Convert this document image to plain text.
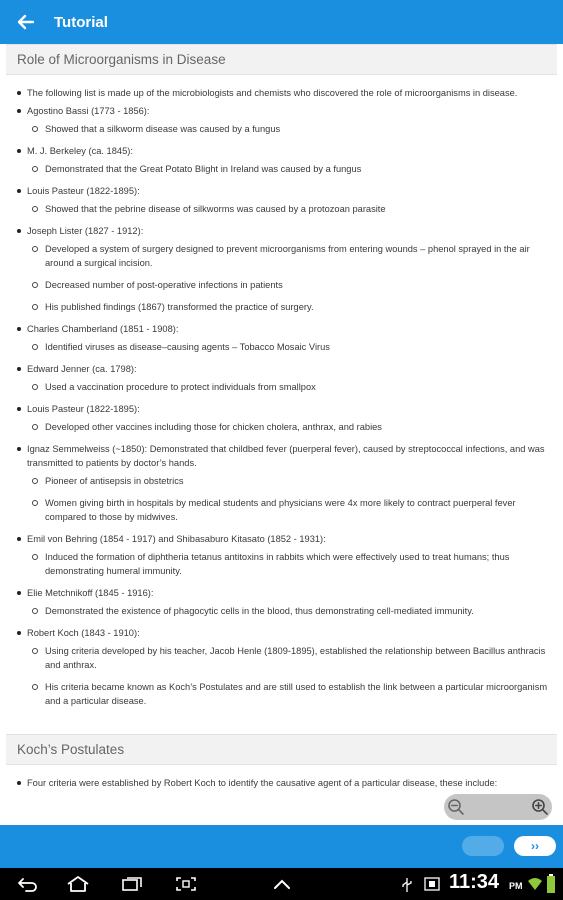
Tutorial
Role of Microorganisms in Disease
The following list is made up of the microbiologists and chemists who discovered the role of microorganisms in disease.
Agostino Bassi (1773 - 1856):
Showed that a silkworm disease was caused by a fungus
M. J. Berkeley (ca. 1845):
Demonstrated that the Great Potato Blight in Ireland was caused by a fungus
Louis Pasteur (1822-1895):
Showed that the pebrine disease of silkworms was caused by a protozoan parasite
Joseph Lister (1827 - 1912):
Developed a system of surgery designed to prevent microorganisms from entering wounds – phenol sprayed in the air around a surgical incision.
Decreased number of post-operative infections in patients
His published findings (1867) transformed the practice of surgery.
Charles Chamberland (1851 - 1908):
Identified viruses as disease–causing agents – Tobacco Mosaic Virus
Edward Jenner (ca. 1798):
Used a vaccination procedure to protect individuals from smallpox
Louis Pasteur (1822-1895):
Developed other vaccines including those for chicken cholera, anthrax, and rabies
Ignaz Semmelweiss (~1850): Demonstrated that childbed fever (puerperal fever), caused by streptococcal infections, and was transmitted to patients by doctor’s hands.
Pioneer of antisepsis in obstetrics
Women giving birth in hospitals by medical students and physicians were 4x more likely to contract puerperal fever compared to those by midwives.
Emil von Behring (1854 - 1917) and Shibasaburo Kitasato (1852 - 1931):
Induced the formation of diphtheria tetanus antitoxins in rabbits which were effectively used to treat humans; thus demonstrating humeral immunity.
Elie Metchnikoff (1845 - 1916):
Demonstrated the existence of phagocytic cells in the blood, thus demonstrating cell-mediated immunity.
Robert Koch (1843 - 1910):
Using criteria developed by his teacher, Jacob Henle (1809-1895), established the relationship between Bacillus anthracis and anthrax.
His criteria became known as Koch’s Postulates and are still used to establish the link between a particular microorganism and a particular disease.
Koch’s Postulates
Four criteria were established by Robert Koch to identify the causative agent of a particular disease, these include:
››
11:34 PM
